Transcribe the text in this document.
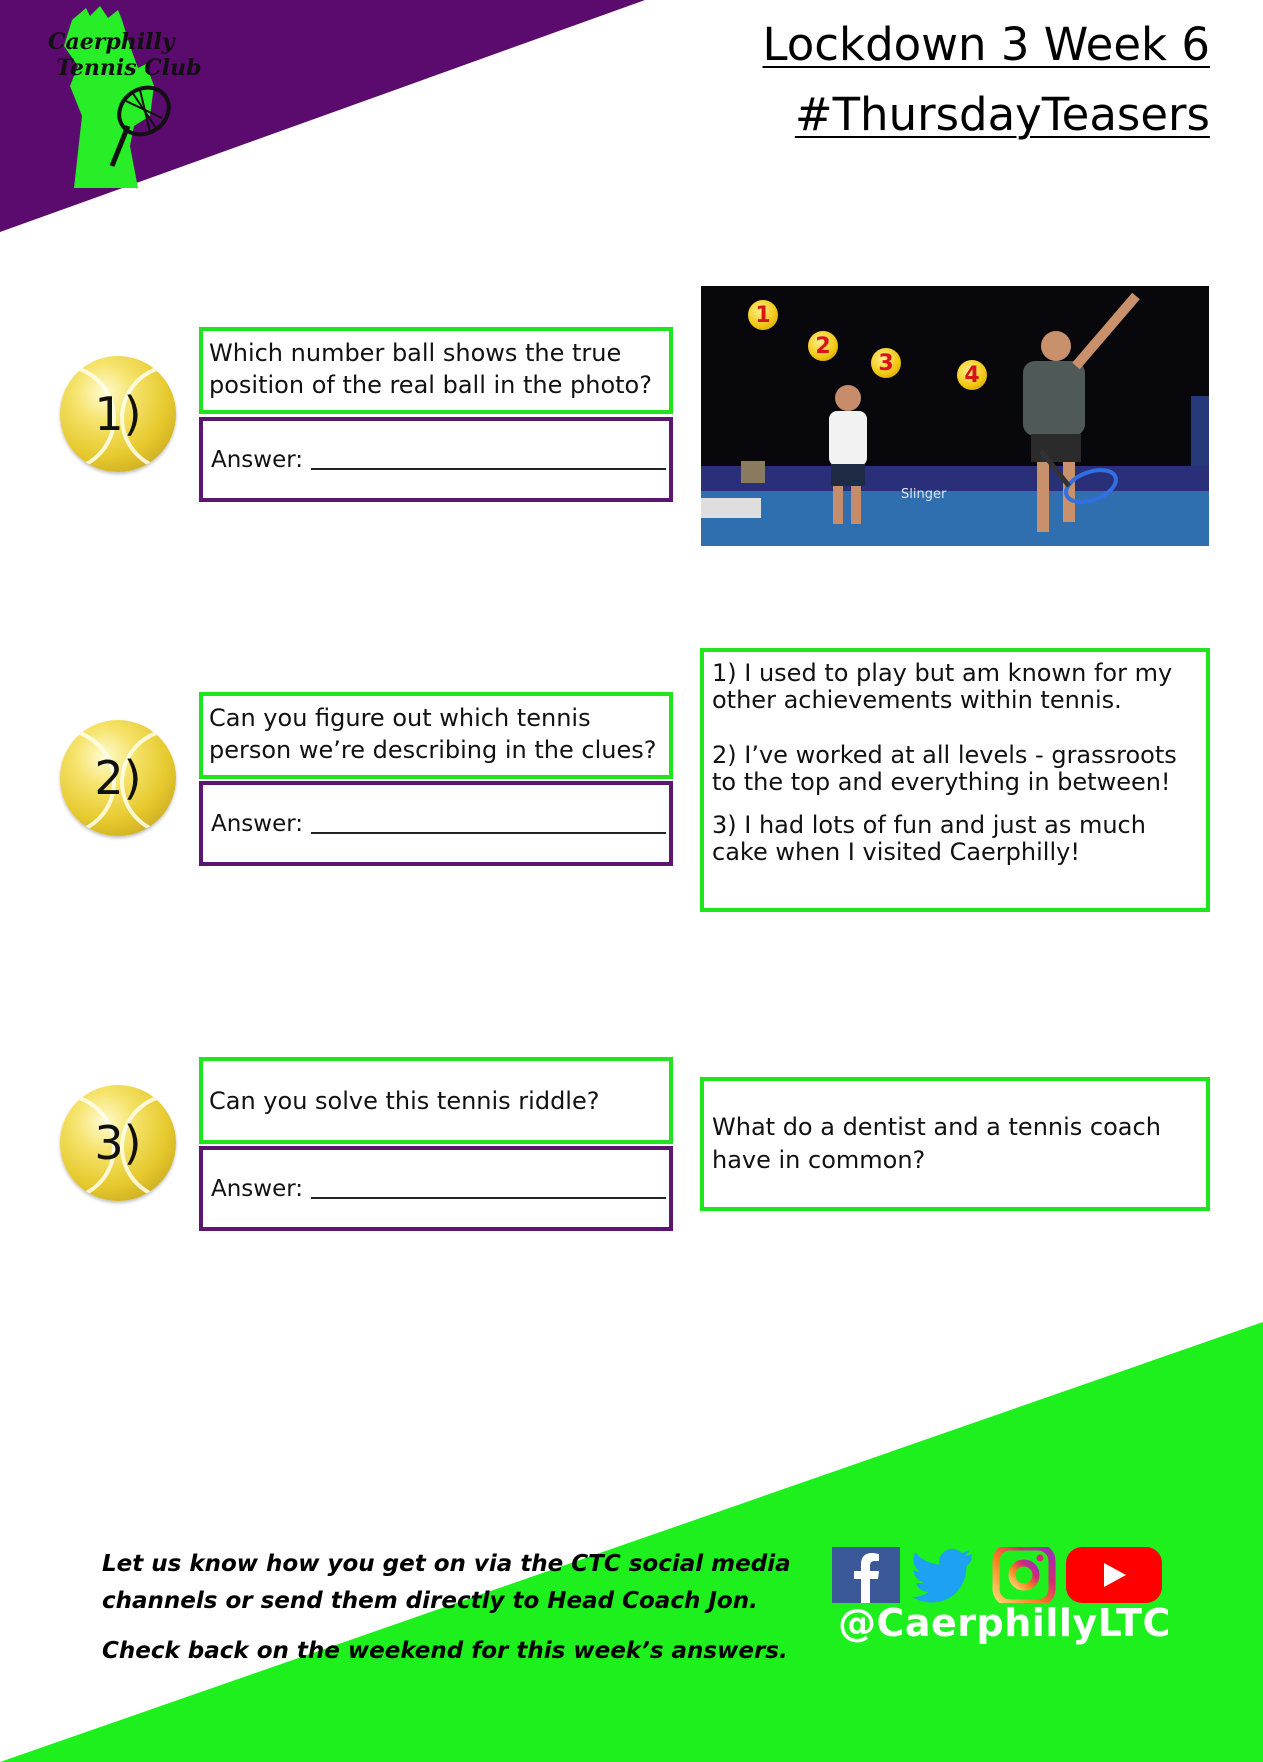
Caerphilly
Tennis Club	Lockdown 3 Week 6
#ThursdayTeasers
1)
Which number ball shows the true position of the real ball in the photo?
Answer:
Slinger
1
2
3	4
2)
Can you figure out which tennis person we’re describing in the clues?
Answer:

1) I used to play but am known for my other achievements within tennis.

2) I’ve worked at all levels - grassroots to the top and everything in between!

3) I had lots of fun and just as much cake when I visited Caerphilly!

3)
Can you solve this tennis riddle?
Answer:
What do a dentist and a tennis coach have in common?
Let us know how you get on via the CTC social media
channels or send them directly to Head Coach Jon.
Check back on the weekend for this week’s answers.
@CaerphillyLTC
